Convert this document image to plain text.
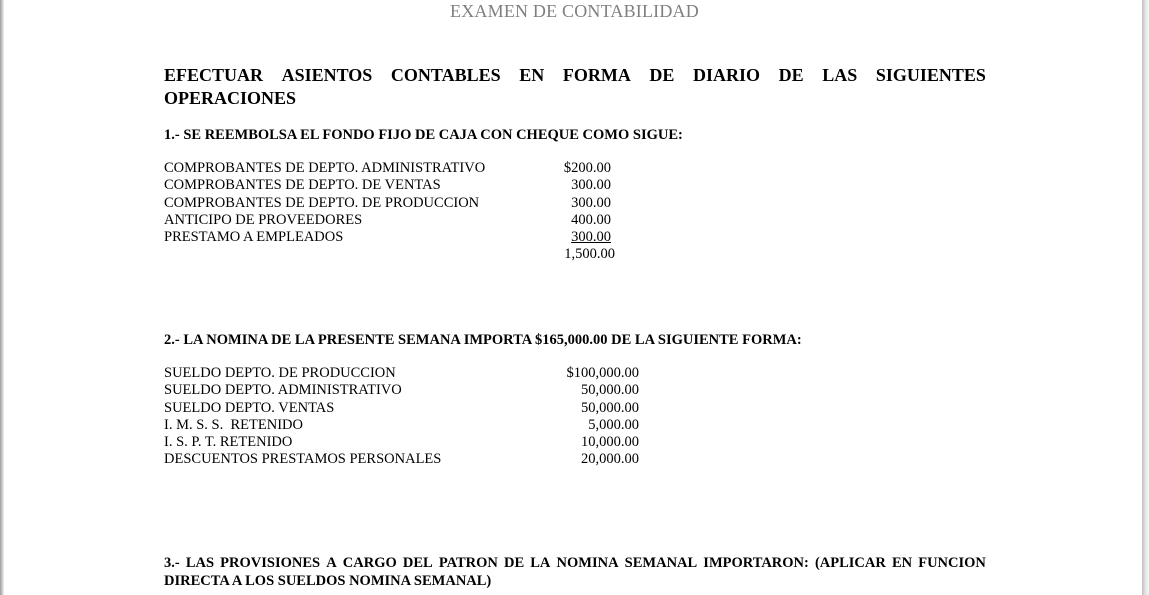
EXAMEN DE CONTABILIDAD
EFECTUAR ASIENTOS CONTABLES EN FORMA DE DIARIO DE LAS SIGUIENTES
OPERACIONES
1.- SE REEMBOLSA EL FONDO FIJO DE CAJA CON CHEQUE COMO SIGUE:
COMPROBANTES DE DEPTO. ADMINISTRATIVO	$200.00
COMPROBANTES DE DEPTO. DE VENTAS	300.00
COMPROBANTES DE DEPTO. DE PRODUCCION	300.00
ANTICIPO DE PROVEEDORES	400.00
PRESTAMO A EMPLEADOS	300.00
1,500.00
2.- LA NOMINA DE LA PRESENTE SEMANA IMPORTA $165,000.00 DE LA SIGUIENTE FORMA:
SUELDO DEPTO. DE PRODUCCION	$100,000.00
SUELDO DEPTO. ADMINISTRATIVO	50,000.00
SUELDO DEPTO. VENTAS	50,000.00
I. M. S. S.  RETENIDO	5,000.00
I. S. P. T. RETENIDO	10,000.00
DESCUENTOS PRESTAMOS PERSONALES	20,000.00
3.- LAS PROVISIONES A CARGO DEL PATRON DE LA NOMINA SEMANAL IMPORTARON: (APLICAR EN FUNCION
DIRECTA A LOS SUELDOS NOMINA SEMANAL)
